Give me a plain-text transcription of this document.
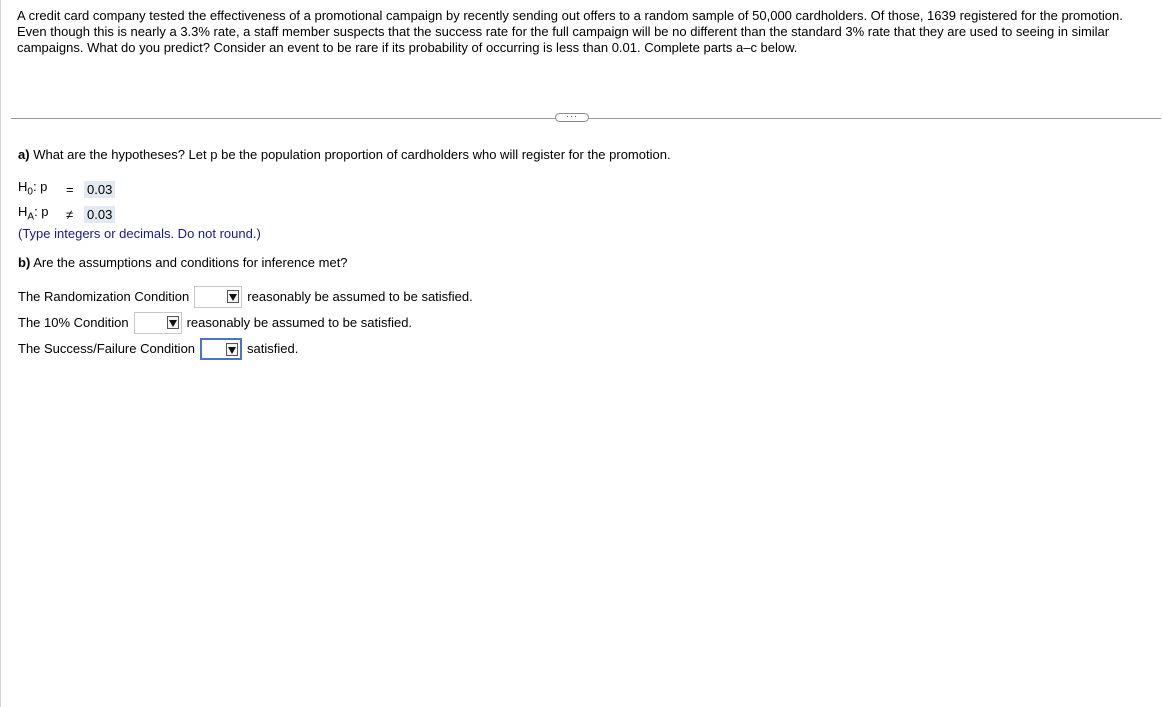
A credit card company tested the effectiveness of a promotional campaign by recently sending out offers to a random sample of 50,000 cardholders. Of those, 1639 registered for the promotion. Even though this is nearly a 3.3% rate, a staff member suspects that the success rate for the full campaign will be no different than the standard 3% rate that they are used to seeing in similar campaigns. What do you predict? Consider an event to be rare if its probability of occurring is less than 0.01. Complete parts a–c below.
···
a) What are the hypotheses? Let p be the population proportion of cardholders who will register for the promotion.
$H_0$: p	=	0.03
$H_A$: p	≠	0.03
(Type integers or decimals. Do not round.)
b) Are the assumptions and conditions for inference met?
The Randomization Condition	reasonably be assumed to be satisfied.
The 10% Condition	reasonably be assumed to be satisfied.
The Success/Failure Condition	satisfied.
